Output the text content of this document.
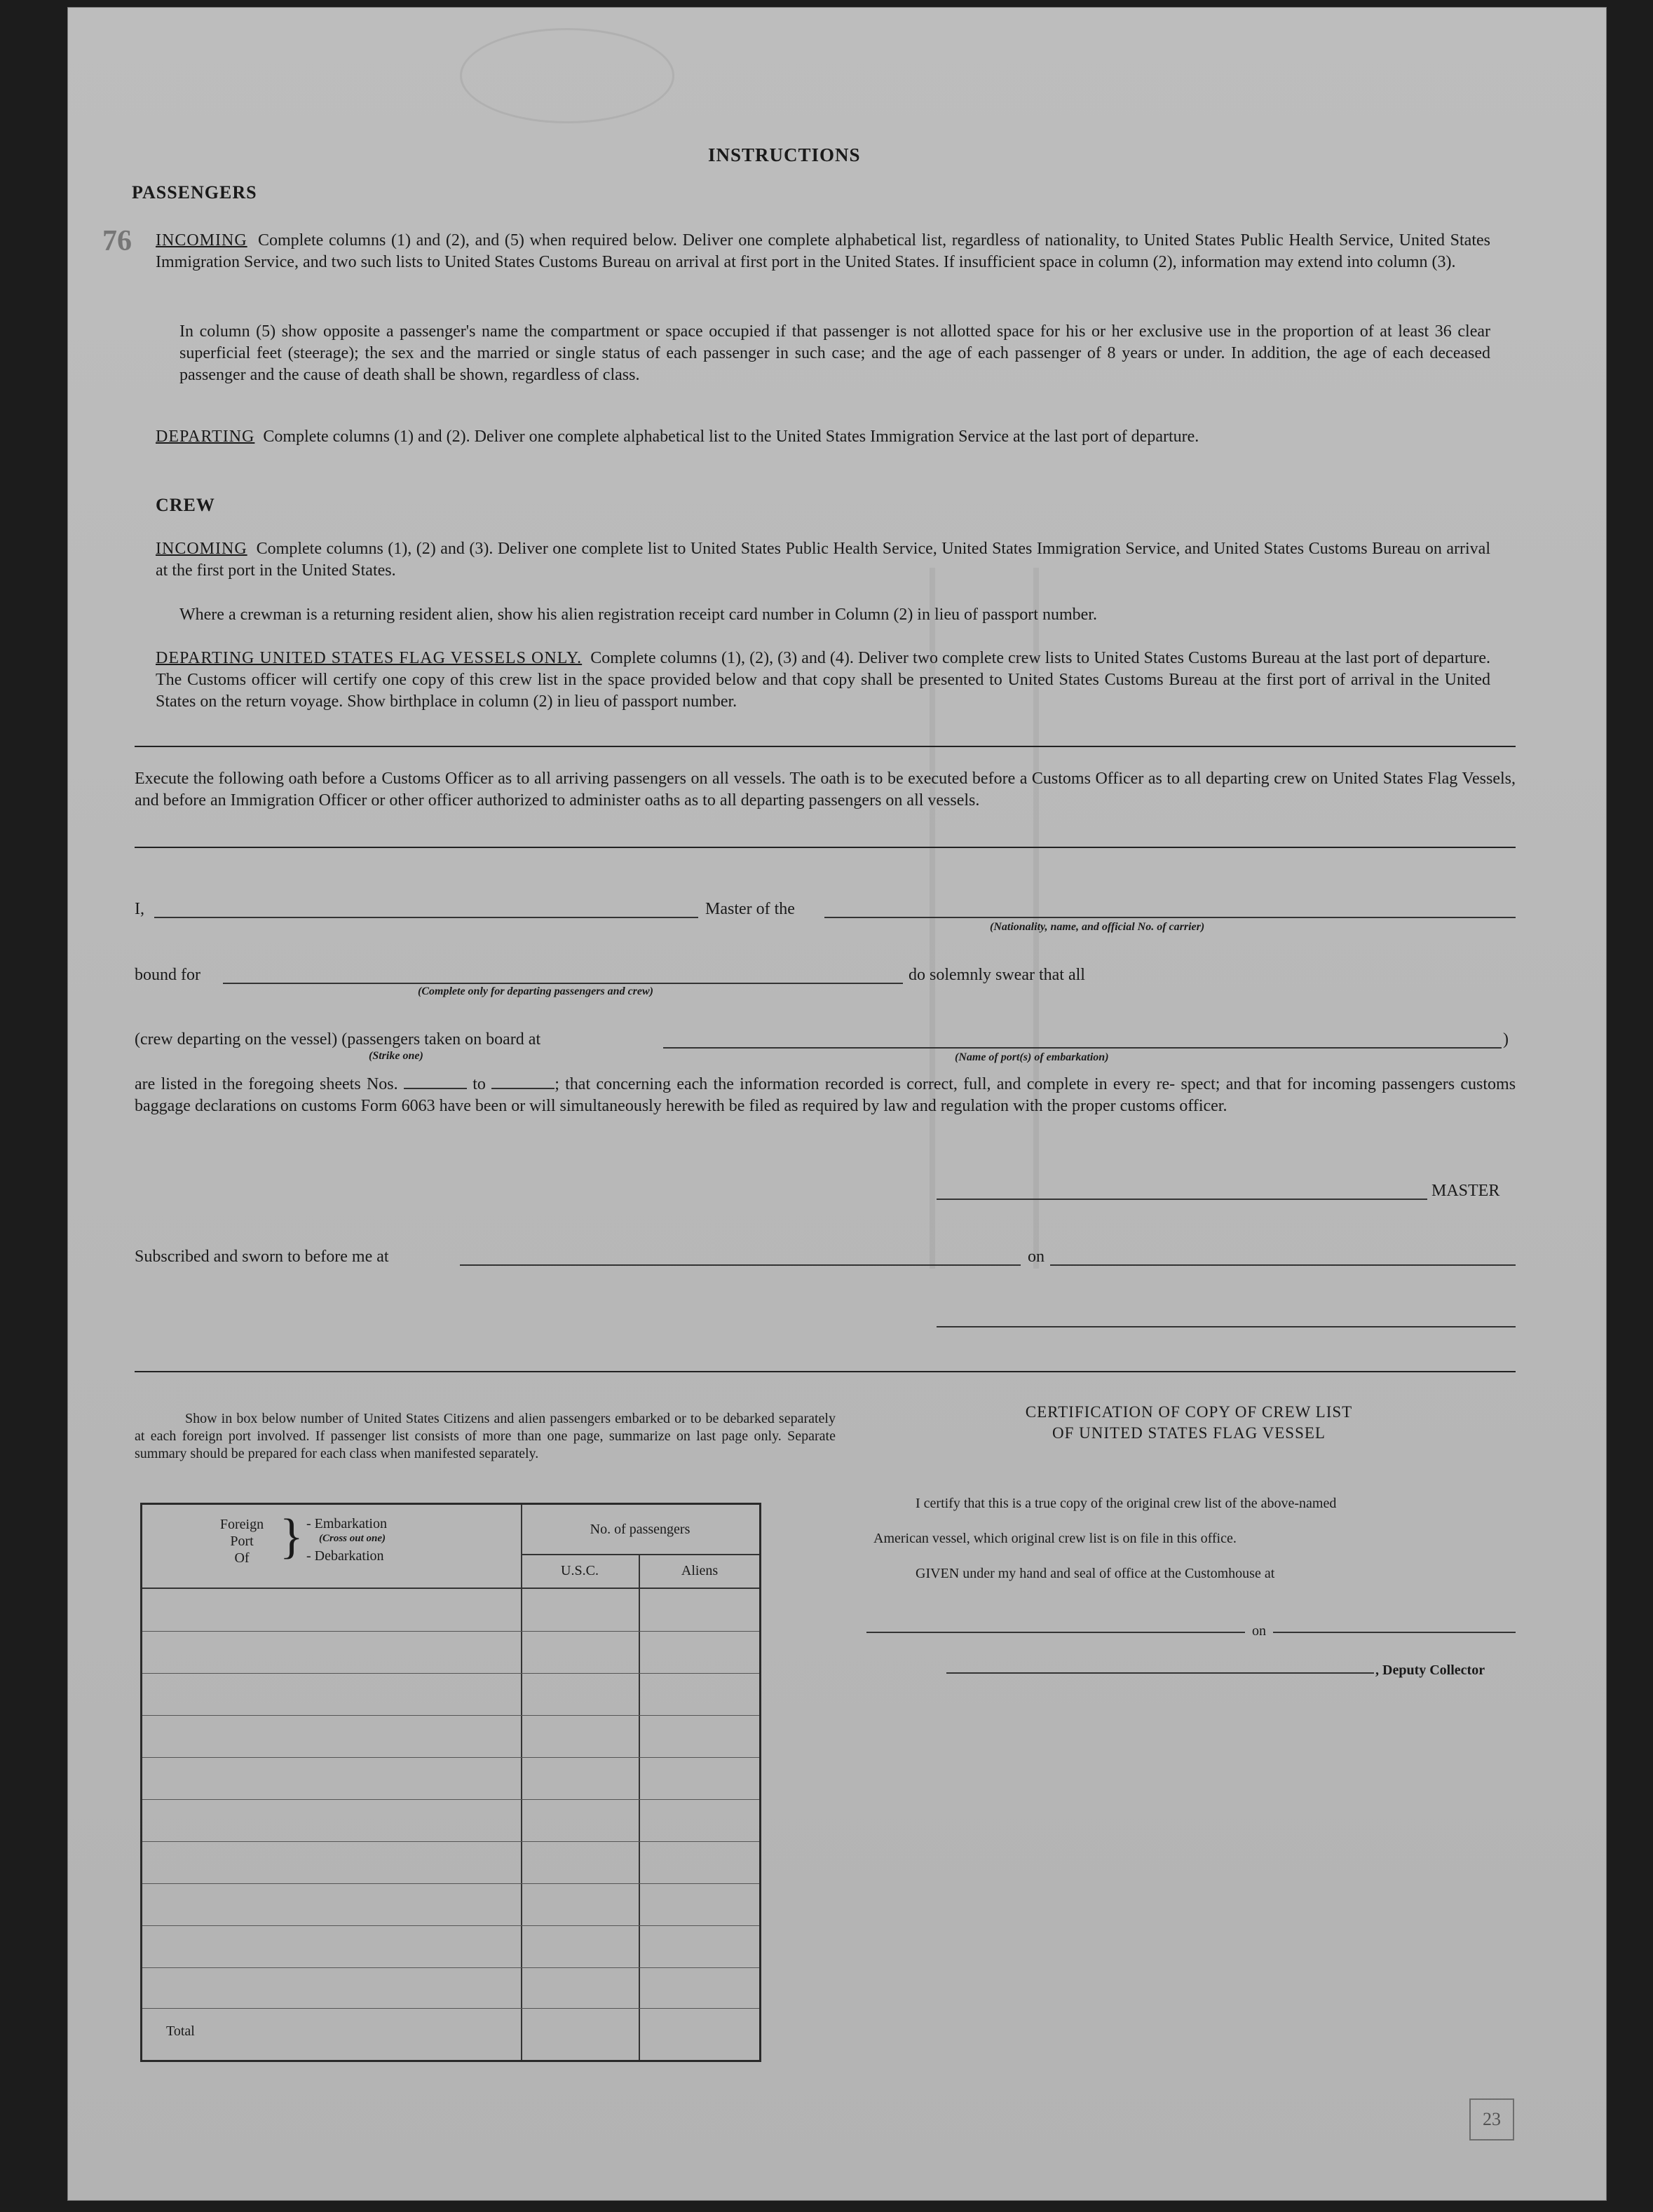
INSTRUCTIONS
PASSENGERS
76 INCOMING Complete columns (1) and (2), and (5) when required below. Deliver one complete alphabetical list, regardless of nationality, to United States Public Health Service, United States Immigration Service, and two such lists to United States Customs Bureau on arrival at first port in the United States. If insufficient space in column (2), information may extend into column (3).
In column (5) show opposite a passenger's name the compartment or space occupied if that passenger is not allotted space for his or her exclusive use in the proportion of at least 36 clear superficial feet (steerage); the sex and the married or single status of each passenger in such case; and the age of each passenger of 8 years or under. In addition, the age of each deceased passenger and the cause of death shall be shown, regardless of class.
DEPARTING Complete columns (1) and (2). Deliver one complete alphabetical list to the United States Immigration Service at the last port of departure.
CREW
INCOMING Complete columns (1), (2) and (3). Deliver one complete list to United States Public Health Service, United States Immigration Service, and United States Customs Bureau on arrival at the first port in the United States.
Where a crewman is a returning resident alien, show his alien registration receipt card number in Column (2) in lieu of passport number.
DEPARTING UNITED STATES FLAG VESSELS ONLY. Complete columns (1), (2), (3) and (4). Deliver two complete crew lists to United States Customs Bureau at the last port of departure. The Customs officer will certify one copy of this crew list in the space provided below and that copy shall be presented to United States Customs Bureau at the first port of arrival in the United States on the return voyage. Show birthplace in column (2) in lieu of passport number.
Execute the following oath before a Customs Officer as to all arriving passengers on all vessels. The oath is to be executed before a Customs Officer as to all departing crew on United States Flag Vessels, and before an Immigration Officer or other officer authorized to administer oaths as to all departing passengers on all vessels.
I,	Master of the
(Nationality, name, and official No. of carrier)
bound for
(Complete only for departing passengers and crew)
do solemnly swear that all
(crew departing on the vessel) (passengers taken on board at
(Strike one)
)
(Name of port(s) of embarkation)
are listed in the foregoing sheets Nos.	to	; that concerning each the information recorded is correct, full, and complete in every re- spect; and that for incoming passengers customs baggage declarations on customs Form 6063 have been or will simultaneously herewith be filed as required by law and regulation with the proper customs officer.
MASTER
Subscribed and sworn to before me at	on
Show in box below number of United States Citizens and alien passengers embarked or to be debarked separately at each foreign port involved. If passenger list consists of more than one page, summarize on last page only. Separate summary should be prepared for each class when manifested separately.
Foreign
Port
Of } - Embarkation
(Cross out one)
- Debarkation
No. of passengers
U.S.C.	Aliens
Total
CERTIFICATION OF COPY OF CREW LIST
OF UNITED STATES FLAG VESSEL
I certify that this is a true copy of the original crew list of the above-named
American vessel, which original crew list is on file in this office.
GIVEN under my hand and seal of office at the Customhouse at
on
, Deputy Collector
23
